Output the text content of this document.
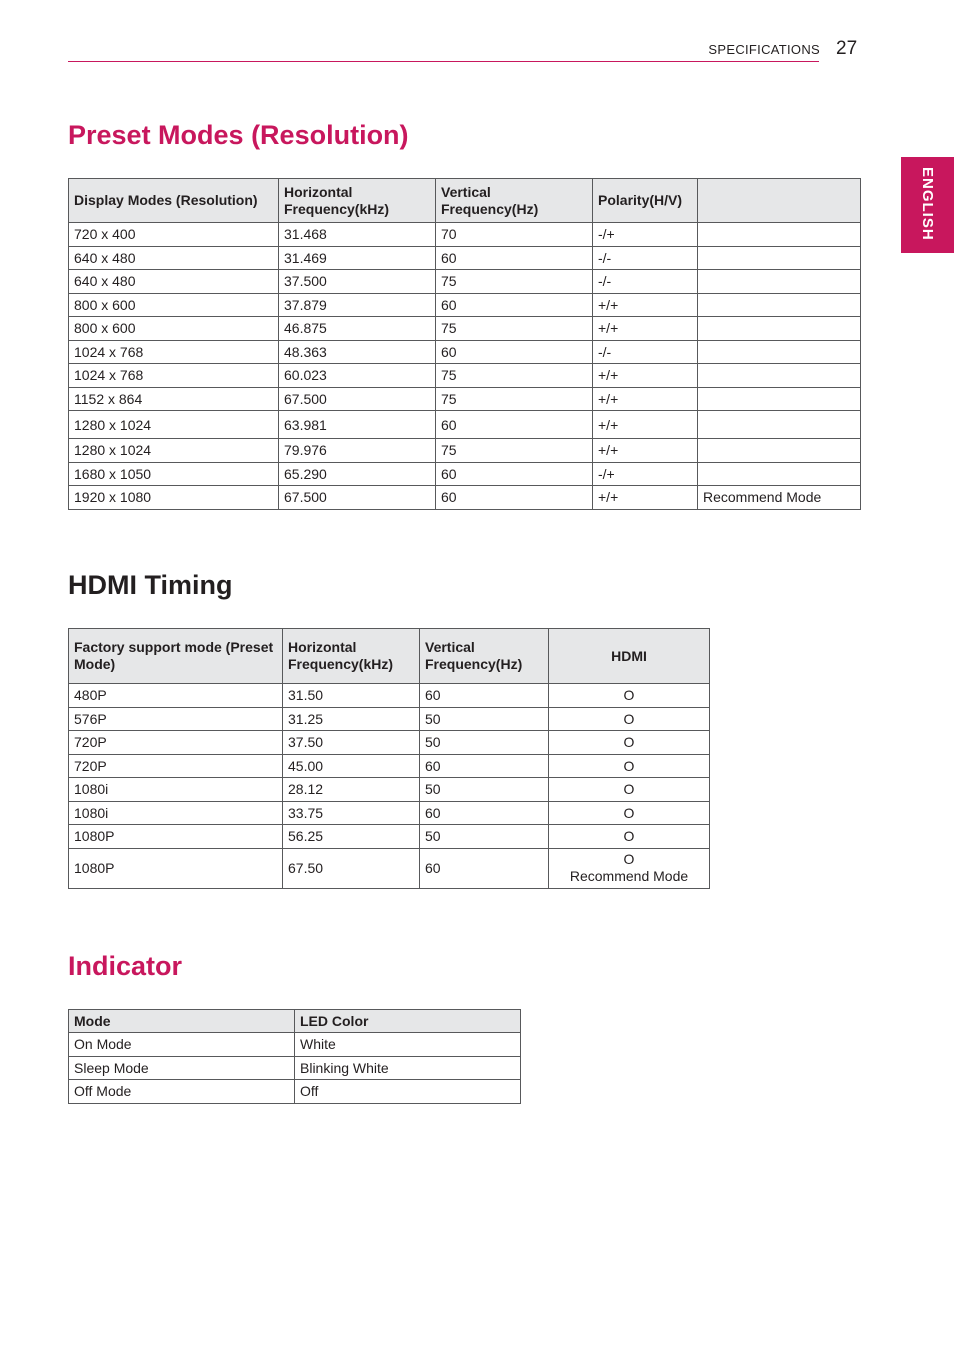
SPECIFICATIONS 27
ENGLISH
Preset Modes (Resolution)
Display Modes (Resolution)	Horizontal Frequency(kHz)	Vertical Frequency(Hz)	Polarity(H/V)	
720 x 400	31.468	70	-/+	
640 x 480	31.469	60	-/-	
640 x 480	37.500	75	-/-	
800 x 600	37.879	60	+/+	
800 x 600	46.875	75	+/+	
1024 x 768	48.363	60	-/-	
1024 x 768	60.023	75	+/+	
1152 x 864	67.500	75	+/+	
1280 x 1024	63.981	60	+/+	
1280 x 1024	79.976	75	+/+	
1680 x 1050	65.290	60	-/+	
1920 x 1080	67.500	60	+/+	Recommend Mode
HDMI Timing
Factory support mode (Preset Mode)	Horizontal Frequency(kHz)	Vertical Frequency(Hz)	HDMI
480P	31.50	60	O
576P	31.25	50	O
720P	37.50	50	O
720P	45.00	60	O
1080i	28.12	50	O
1080i	33.75	60	O
1080P	56.25	50	O
1080P	67.50	60	O
Recommend Mode
Indicator
Mode	LED Color
On Mode	White
Sleep Mode	Blinking White
Off Mode	Off
